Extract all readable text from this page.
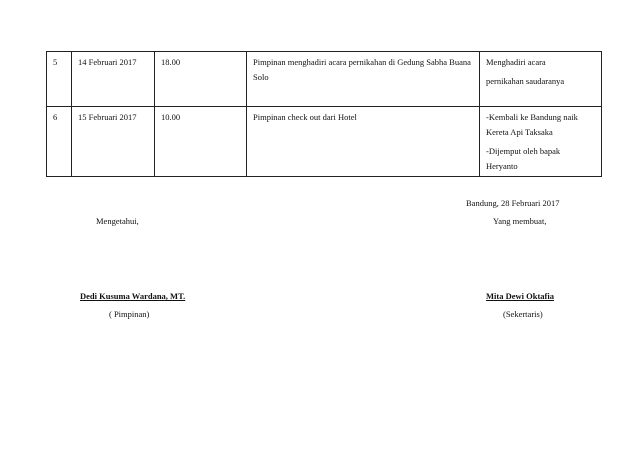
5	14 Februari 2017	18.00	Pimpinan menghadiri acara pernikahan di Gedung Sabha Buana Solo	Menghadiri acara
pernikahan saudaranya

6	15 Februari 2017	10.00	Pimpinan check out dari Hotel	-Kembali ke Bandung naik
Kereta Api Taksaka
-Dijemput oleh bapak
Heryanto
Bandung, 28 Februari 2017
Mengetahui,	Yang membuat,
Dedi Kusuma Wardana, MT.	Mita Dewi Oktafia
( Pimpinan)	(Sekertaris)
